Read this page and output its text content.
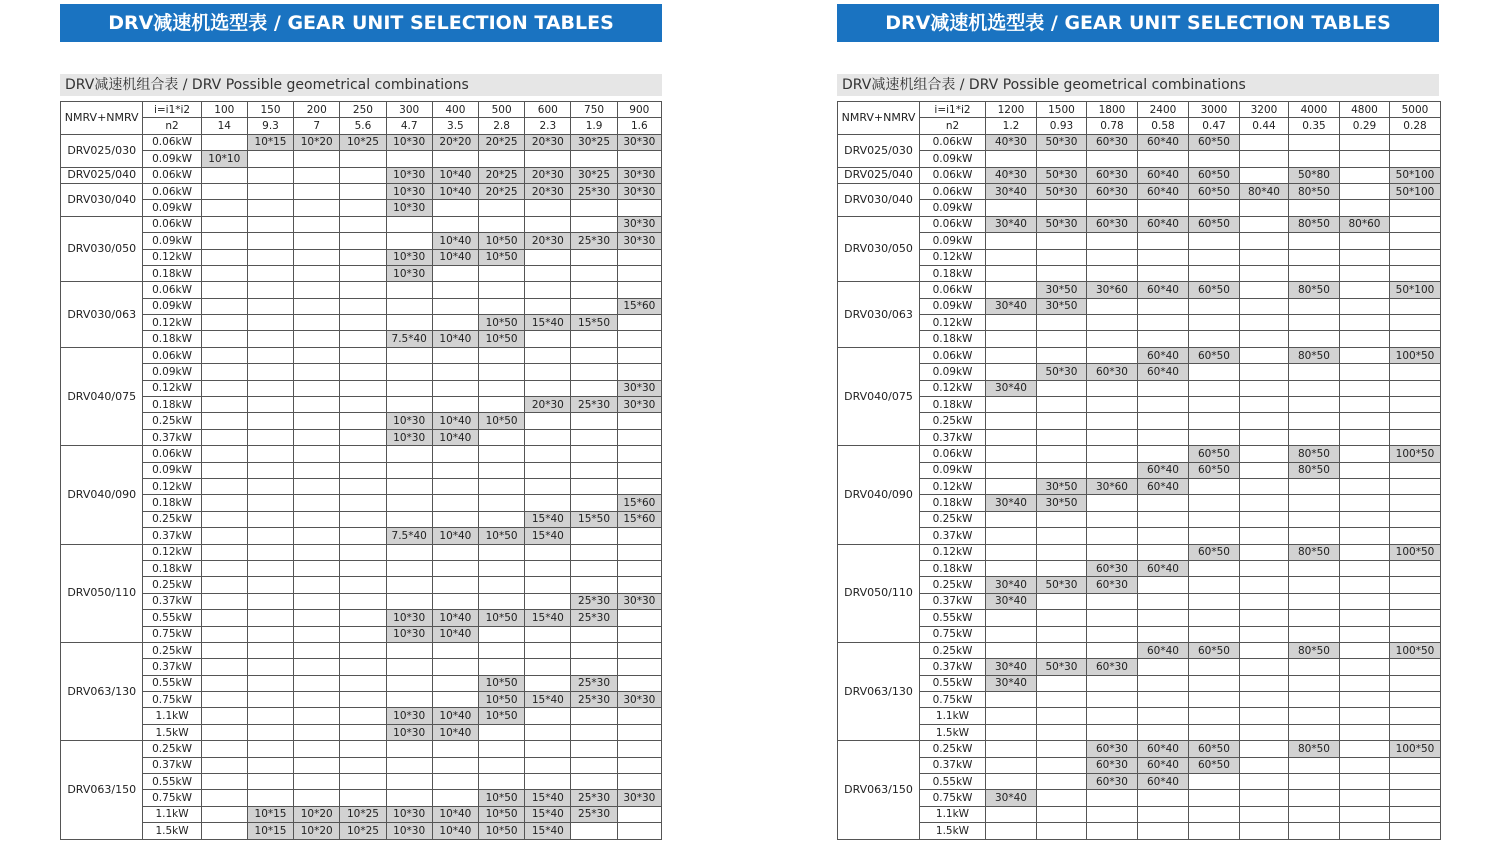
DRV减速机选型表 / GEAR UNIT SELECTION TABLES
DRV减速机组合表 / DRV Possible geometrical combinations
NMRV+NMRV	i=i1*i2	100	150	200	250	300	400	500	600	750	900
	n2	14	9.3	7	5.6	4.7	3.5	2.8	2.3	1.9	1.6
DRV025/030	0.06kW		10*15	10*20	10*25	10*30	20*20	20*25	20*30	30*25	30*30
	0.09kW	10*10									
DRV025/040	0.06kW					10*30	10*40	20*25	20*30	30*25	30*30
DRV030/040	0.06kW					10*30	10*40	20*25	20*30	25*30	30*30
	0.09kW					10*30					
DRV030/050	0.06kW										30*30
	0.09kW						10*40	10*50	20*30	25*30	30*30
	0.12kW					10*30	10*40	10*50			
	0.18kW					10*30					
DRV030/063	0.06kW										
	0.09kW										15*60
	0.12kW							10*50	15*40	15*50	
	0.18kW					7.5*40	10*40	10*50			
DRV040/075	0.06kW										
	0.09kW										
	0.12kW										30*30
	0.18kW								20*30	25*30	30*30
	0.25kW					10*30	10*40	10*50			
	0.37kW					10*30	10*40				
DRV040/090	0.06kW										
	0.09kW										
	0.12kW										
	0.18kW										15*60
	0.25kW								15*40	15*50	15*60
	0.37kW					7.5*40	10*40	10*50	15*40		
DRV050/110	0.12kW										
	0.18kW										
	0.25kW										
	0.37kW									25*30	30*30
	0.55kW					10*30	10*40	10*50	15*40	25*30	
	0.75kW					10*30	10*40				
DRV063/130	0.25kW										
	0.37kW										
	0.55kW							10*50		25*30	
	0.75kW							10*50	15*40	25*30	30*30
	1.1kW					10*30	10*40	10*50			
	1.5kW					10*30	10*40				
DRV063/150	0.25kW										
	0.37kW										
	0.55kW										
	0.75kW							10*50	15*40	25*30	30*30
	1.1kW		10*15	10*20	10*25	10*30	10*40	10*50	15*40	25*30	
	1.5kW		10*15	10*20	10*25	10*30	10*40	10*50	15*40		
DRV减速机选型表 / GEAR UNIT SELECTION TABLES
DRV减速机组合表 / DRV Possible geometrical combinations
NMRV+NMRV	i=i1*i2	1200	1500	1800	2400	3000	3200	4000	4800	5000
	n2	1.2	0.93	0.78	0.58	0.47	0.44	0.35	0.29	0.28
DRV025/030	0.06kW	40*30	50*30	60*30	60*40	60*50				
	0.09kW									
DRV025/040	0.06kW	40*30	50*30	60*30	60*40	60*50		50*80		50*100
DRV030/040	0.06kW	30*40	50*30	60*30	60*40	60*50	80*40	80*50		50*100
	0.09kW									
DRV030/050	0.06kW	30*40	50*30	60*30	60*40	60*50		80*50	80*60	
	0.09kW									
	0.12kW									
	0.18kW									
DRV030/063	0.06kW		30*50	30*60	60*40	60*50		80*50		50*100
	0.09kW	30*40	30*50							
	0.12kW									
	0.18kW									
DRV040/075	0.06kW				60*40	60*50		80*50		100*50
	0.09kW		50*30	60*30	60*40					
	0.12kW	30*40								
	0.18kW									
	0.25kW									
	0.37kW									
DRV040/090	0.06kW					60*50		80*50		100*50
	0.09kW				60*40	60*50		80*50		
	0.12kW		30*50	30*60	60*40					
	0.18kW	30*40	30*50							
	0.25kW									
	0.37kW									
DRV050/110	0.12kW					60*50		80*50		100*50
	0.18kW			60*30	60*40					
	0.25kW	30*40	50*30	60*30						
	0.37kW	30*40								
	0.55kW									
	0.75kW									
DRV063/130	0.25kW				60*40	60*50		80*50		100*50
	0.37kW	30*40	50*30	60*30						
	0.55kW	30*40								
	0.75kW									
	1.1kW									
	1.5kW									
DRV063/150	0.25kW			60*30	60*40	60*50		80*50		100*50
	0.37kW			60*30	60*40	60*50				
	0.55kW			60*30	60*40					
	0.75kW	30*40								
	1.1kW									
	1.5kW									
